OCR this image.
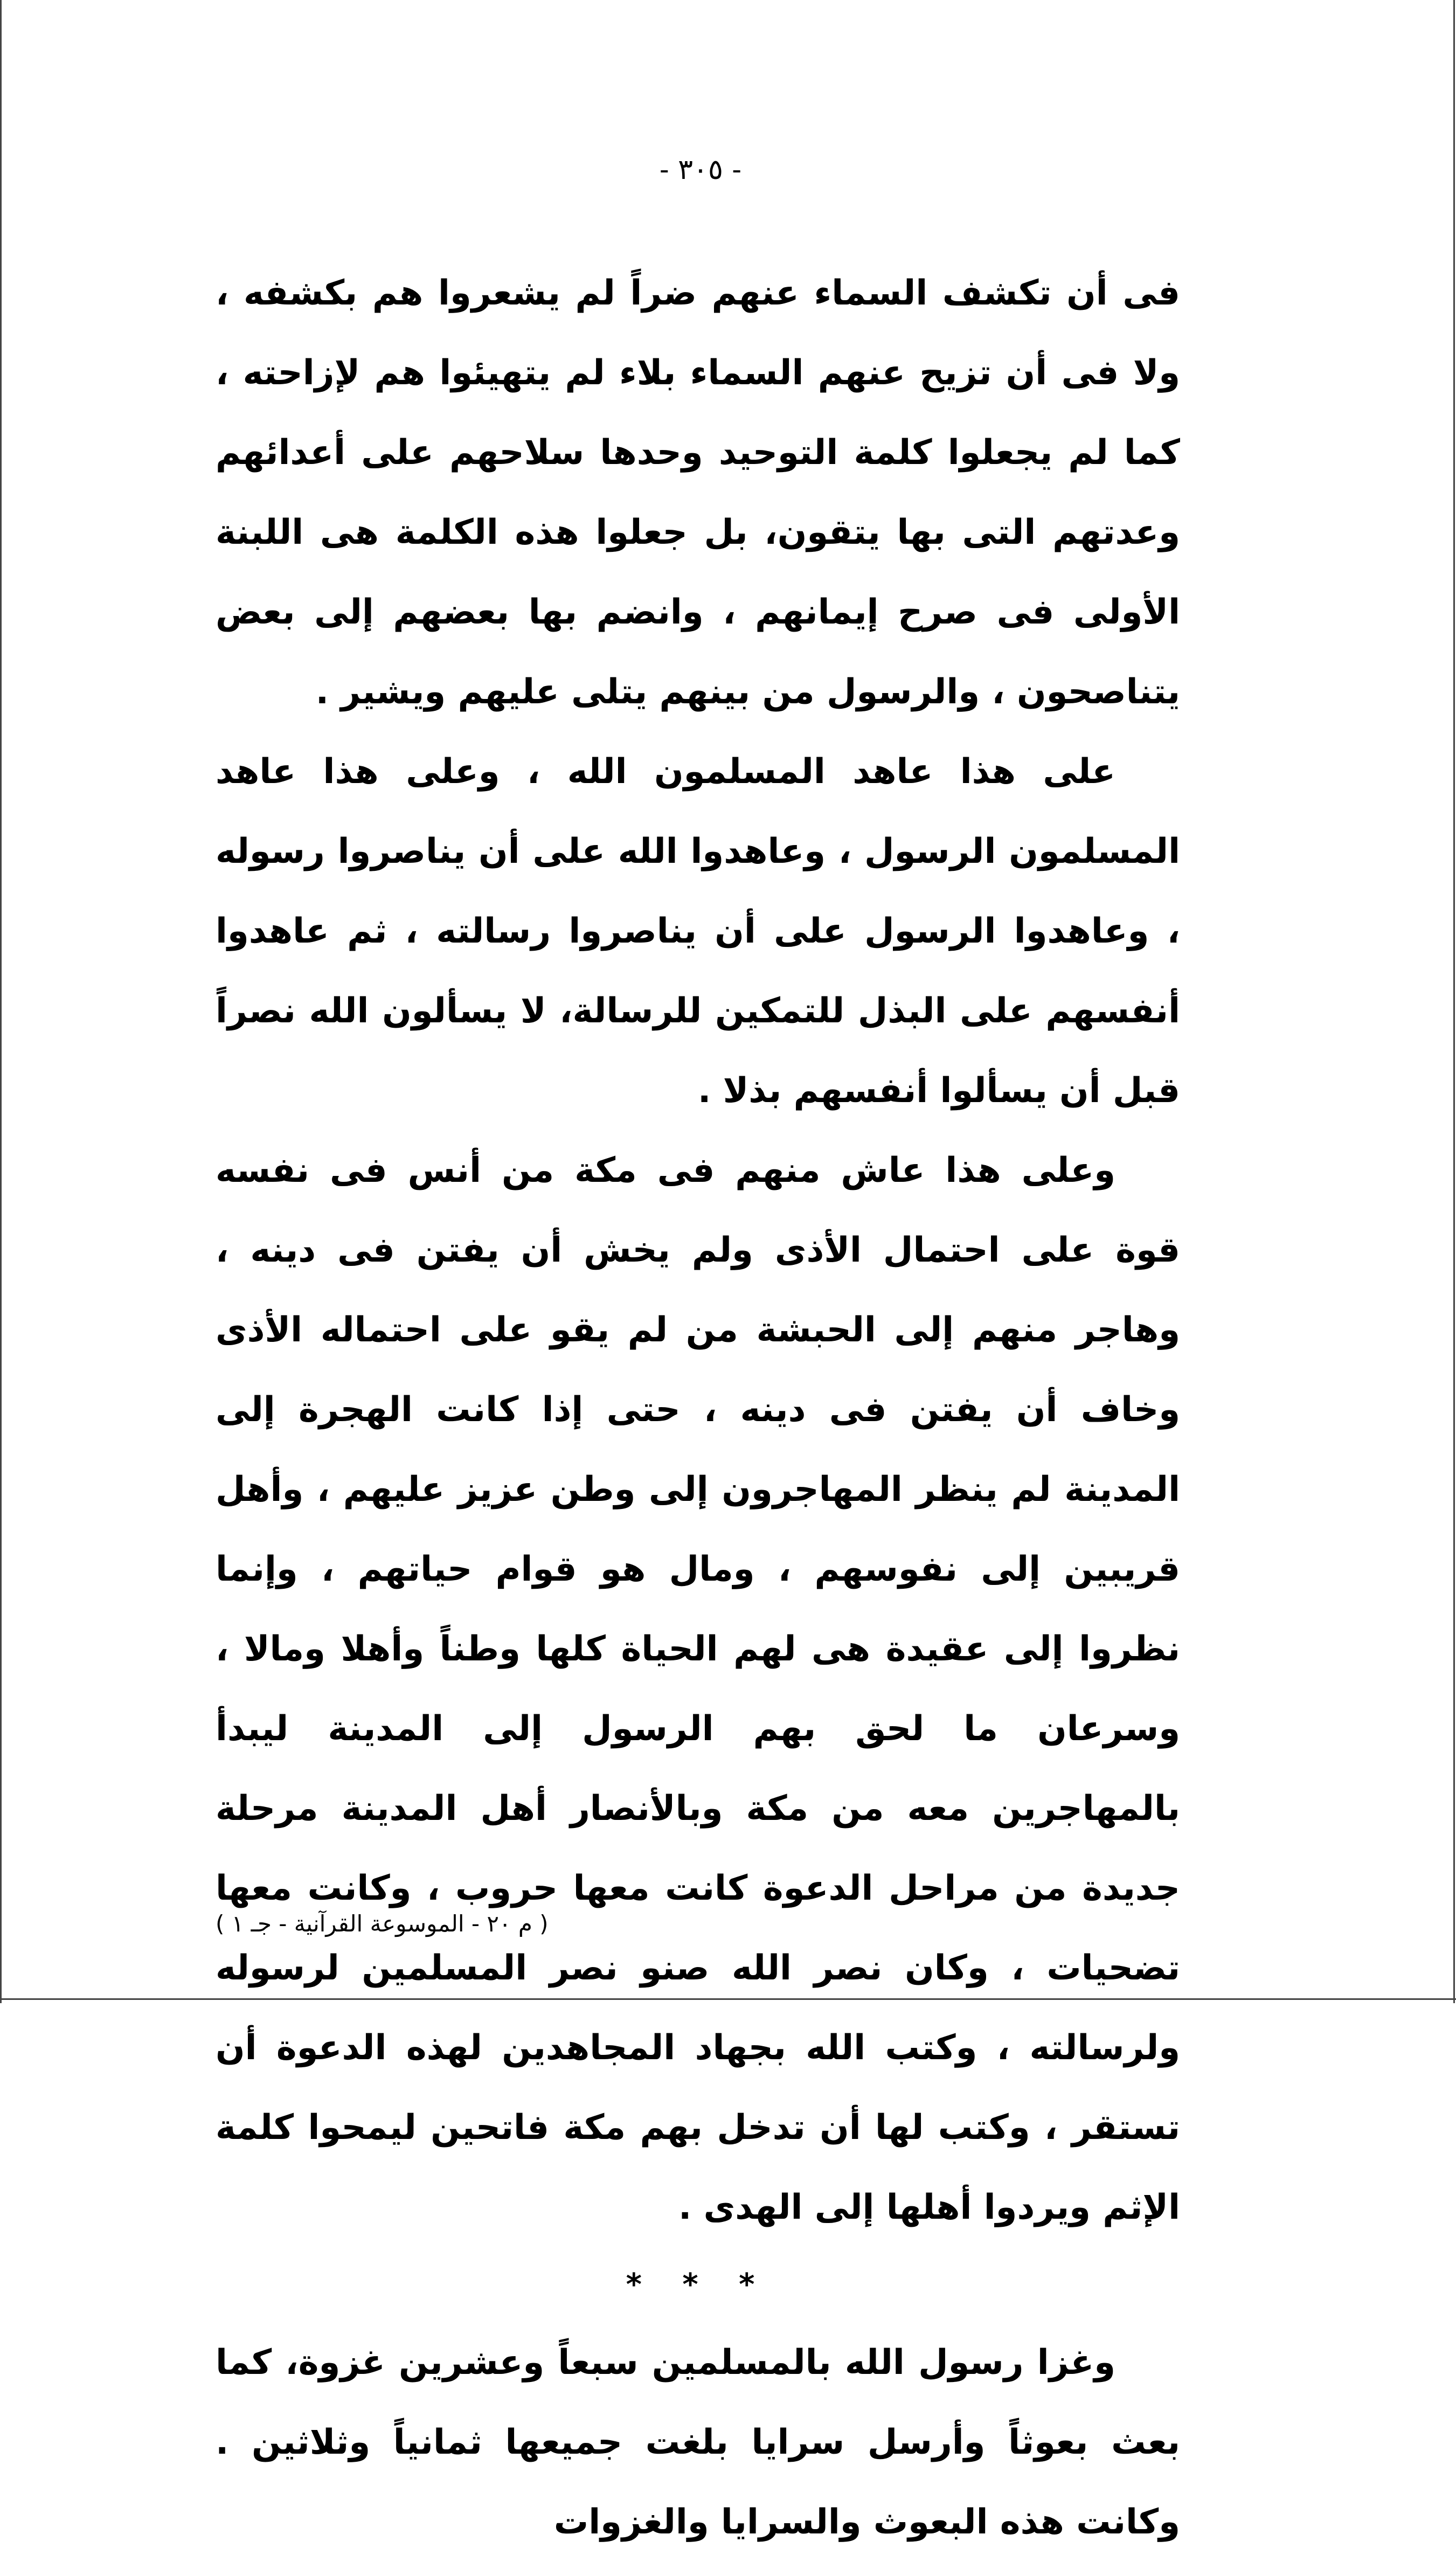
- ٣٠٥ -

فى أن تكشف السماء عنهم ضراً لم يشعروا هم بكشفه ، ولا فى أن تزيح عنهم السماء بلاء لم يتهيئوا هم لإزاحته ، كما لم يجعلوا كلمة التوحيد وحدها سلاحهم على أعدائهم وعدتهم التى بها يتقون، بل جعلوا هذه الكلمة هى اللبنة الأولى فى صرح إيمانهم ، وانضم بها بعضهم إلى بعض يتناصحون ، والرسول من بينهم يتلى عليهم ويشير .

على هذا عاهد المسلمون الله ، وعلى هذا عاهد المسلمون الرسول ، وعاهدوا الله على أن يناصروا رسوله ، وعاهدوا الرسول على أن يناصروا رسالته ، ثم عاهدوا أنفسهم على البذل للتمكين للرسالة، لا يسألون الله نصراً قبل أن يسألوا أنفسهم بذلا .

وعلى هذا عاش منهم فى مكة من أنس فى نفسه قوة على احتمال الأذى ولم يخش أن يفتن فى دينه ، وهاجر منهم إلى الحبشة من لم يقو على احتماله الأذى وخاف أن يفتن فى دينه ، حتى إذا كانت الهجرة إلى المدينة لم ينظر المهاجرون إلى وطن عزيز عليهم ، وأهل قريبين إلى نفوسهم ، ومال هو قوام حياتهم ، وإنما نظروا إلى عقيدة هى لهم الحياة كلها وطناً وأهلا ومالا ، وسرعان ما لحق بهم الرسول إلى المدينة ليبدأ بالمهاجرين معه من مكة وبالأنصار أهل المدينة مرحلة جديدة من مراحل الدعوة كانت معها حروب ، وكانت معها تضحيات ، وكان نصر الله صنو نصر المسلمين لرسوله ولرسالته ، وكتب الله بجهاد المجاهدين لهذه الدعوة أن تستقر ، وكتب لها أن تدخل بهم مكة فاتحين ليمحوا كلمة الإثم ويردوا أهلها إلى الهدى .

* * *

وغزا رسول الله بالمسلمين سبعاً وعشرين غزوة، كما بعث بعوثاً وأرسل سرايا بلغت جميعها ثمانياً وثلاثين . وكانت هذه البعوث والسرايا والغزوات

( م ٢٠ - الموسوعة القرآنية - جـ ١ )
